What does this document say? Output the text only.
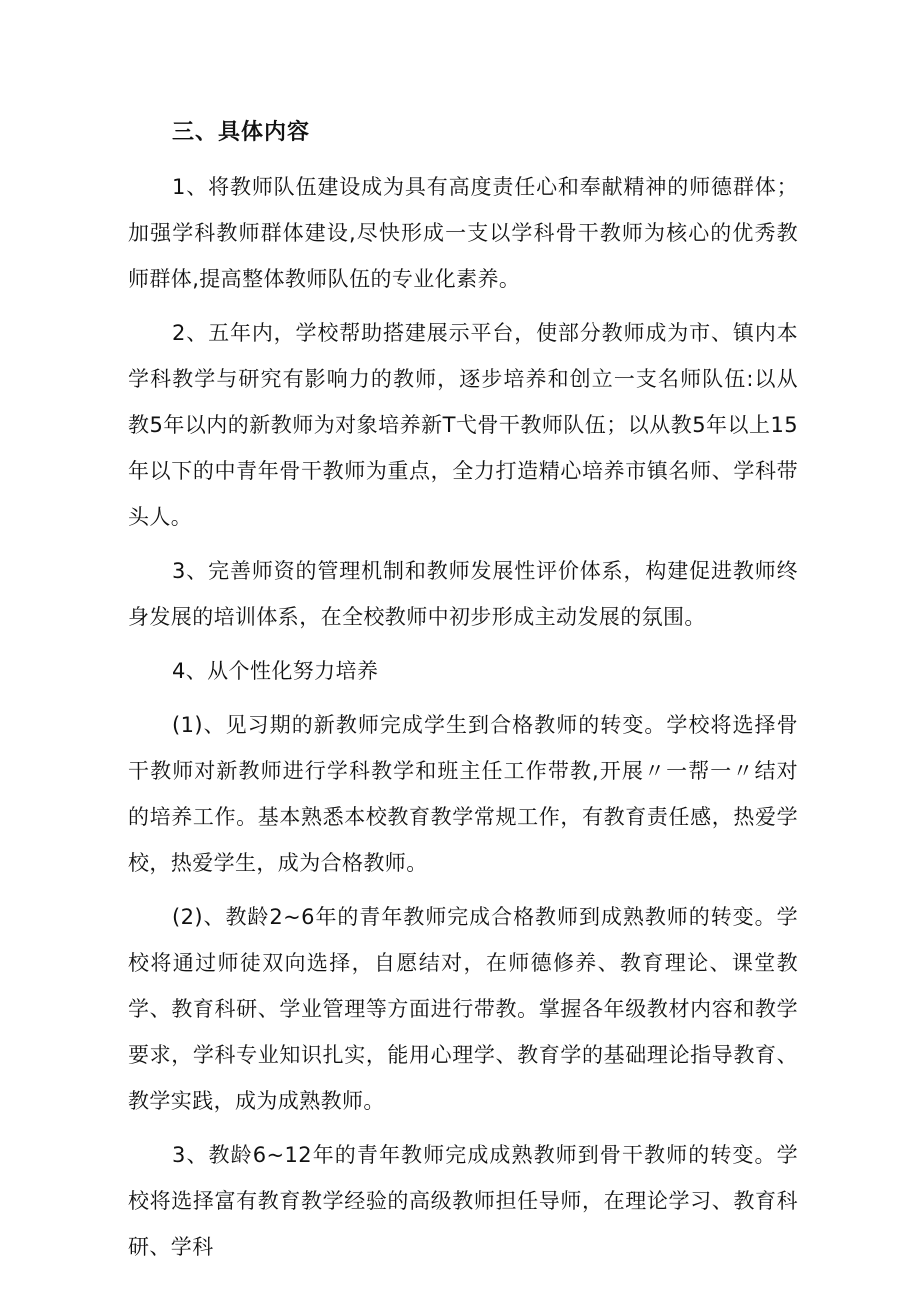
三、具体内容

1、将教师队伍建设成为具有高度责任心和奉献精神的师德群体；加强学科教师群体建设,尽快形成一支以学科骨干教师为核心的优秀教师群体,提高整体教师队伍的专业化素养。

2、五年内，学校帮助搭建展示平台，使部分教师成为市、镇内本学科教学与研究有影响力的教师，逐步培养和创立一支名师队伍:以从教5年以内的新教师为对象培养新T弋骨干教师队伍；以从教5年以上15年以下的中青年骨干教师为重点，全力打造精心培养市镇名师、学科带头人。

3、完善师资的管理机制和教师发展性评价体系，构建促进教师终身发展的培训体系，在全校教师中初步形成主动发展的氛围。

4、从个性化努力培养

(1)、见习期的新教师完成学生到合格教师的转变。学校将选择骨干教师对新教师进行学科教学和班主任工作带教,开展〃一帮一〃结对的培养工作。基本熟悉本校教育教学常规工作，有教育责任感，热爱学校，热爱学生，成为合格教师。

(2)、教龄2~6年的青年教师完成合格教师到成熟教师的转变。学校将通过师徒双向选择，自愿结对，在师德修养、教育理论、课堂教学、教育科研、学业管理等方面进行带教。掌握各年级教材内容和教学要求，学科专业知识扎实，能用心理学、教育学的基础理论指导教育、教学实践，成为成熟教师。

3、教龄6~12年的青年教师完成成熟教师到骨干教师的转变。学校将选择富有教育教学经验的高级教师担任导师，在理论学习、教育科研、学科
